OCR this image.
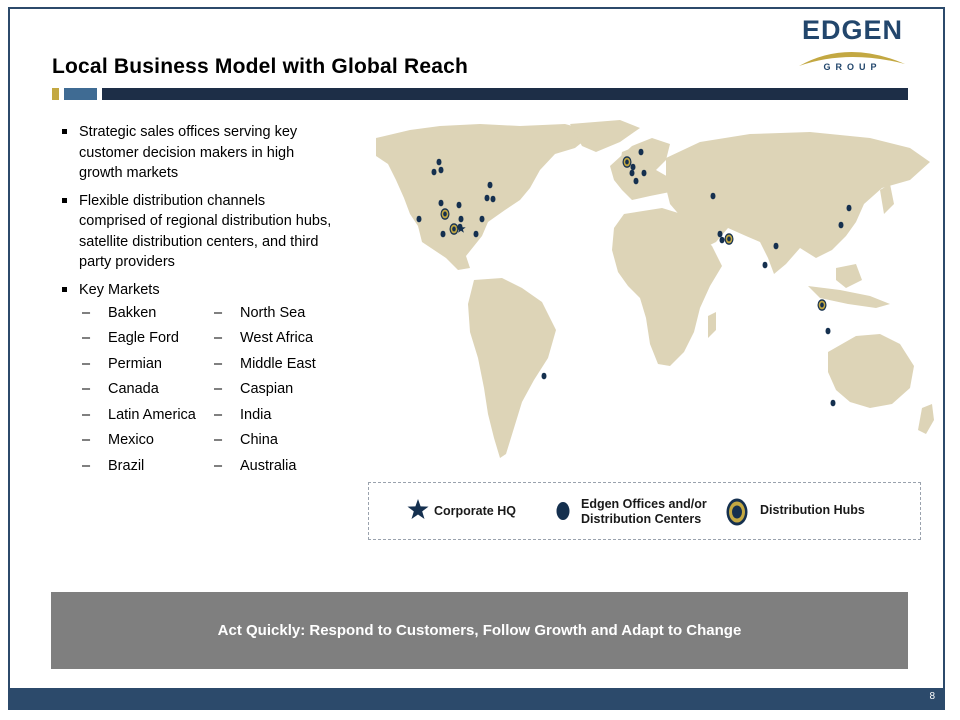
8
Local Business Model with Global Reach
EDGEN
GROUP
Strategic sales offices serving key customer decision makers in high growth markets
Flexible distribution channels comprised of regional distribution hubs, satellite distribution centers, and third party providers
Key Markets
– Bakken
– Eagle Ford
– Permian
– Canada
– Latin America
– Mexico
– Brazil
– North Sea
– West Africa
– Middle East
– Caspian
– India
– China
– Australia
Corporate HQ	Edgen Offices and/or
Distribution Centers
Distribution Hubs
Act Quickly: Respond to Customers, Follow Growth and Adapt to Change
